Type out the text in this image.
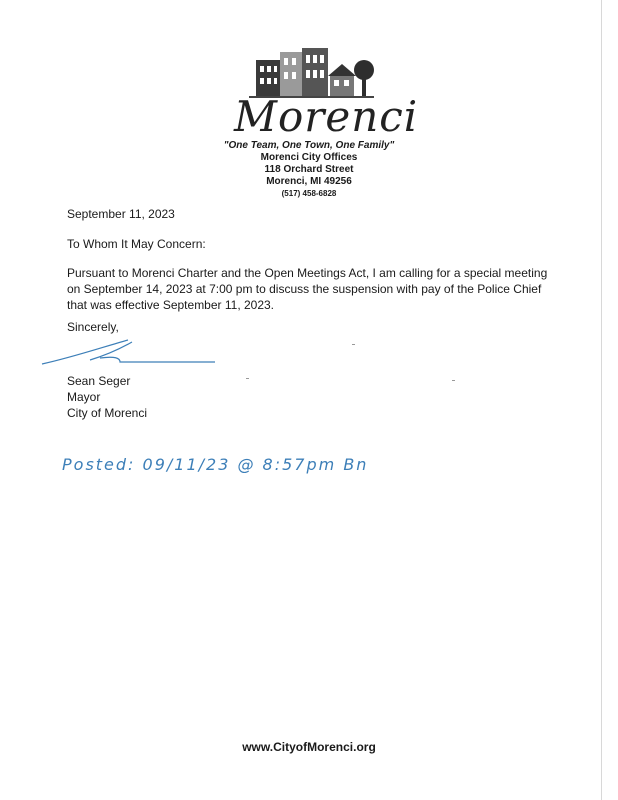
Morenci
"One Team, One Town, One Family"
Morenci City Offices
118 Orchard Street
Morenci, MI 49256
(517) 458-6828
September 11, 2023
To Whom It May Concern:
Pursuant to Morenci Charter and the Open Meetings Act, I am calling for a special meeting on September 14, 2023 at 7:00 pm to discuss the suspension with pay of the Police Chief that was effective September 11, 2023.
Sincerely,
Sean Seger
Mayor
City of Morenci
Posted: 09/11/23 @ 8:57pm Bn
www.CityofMorenci.org
